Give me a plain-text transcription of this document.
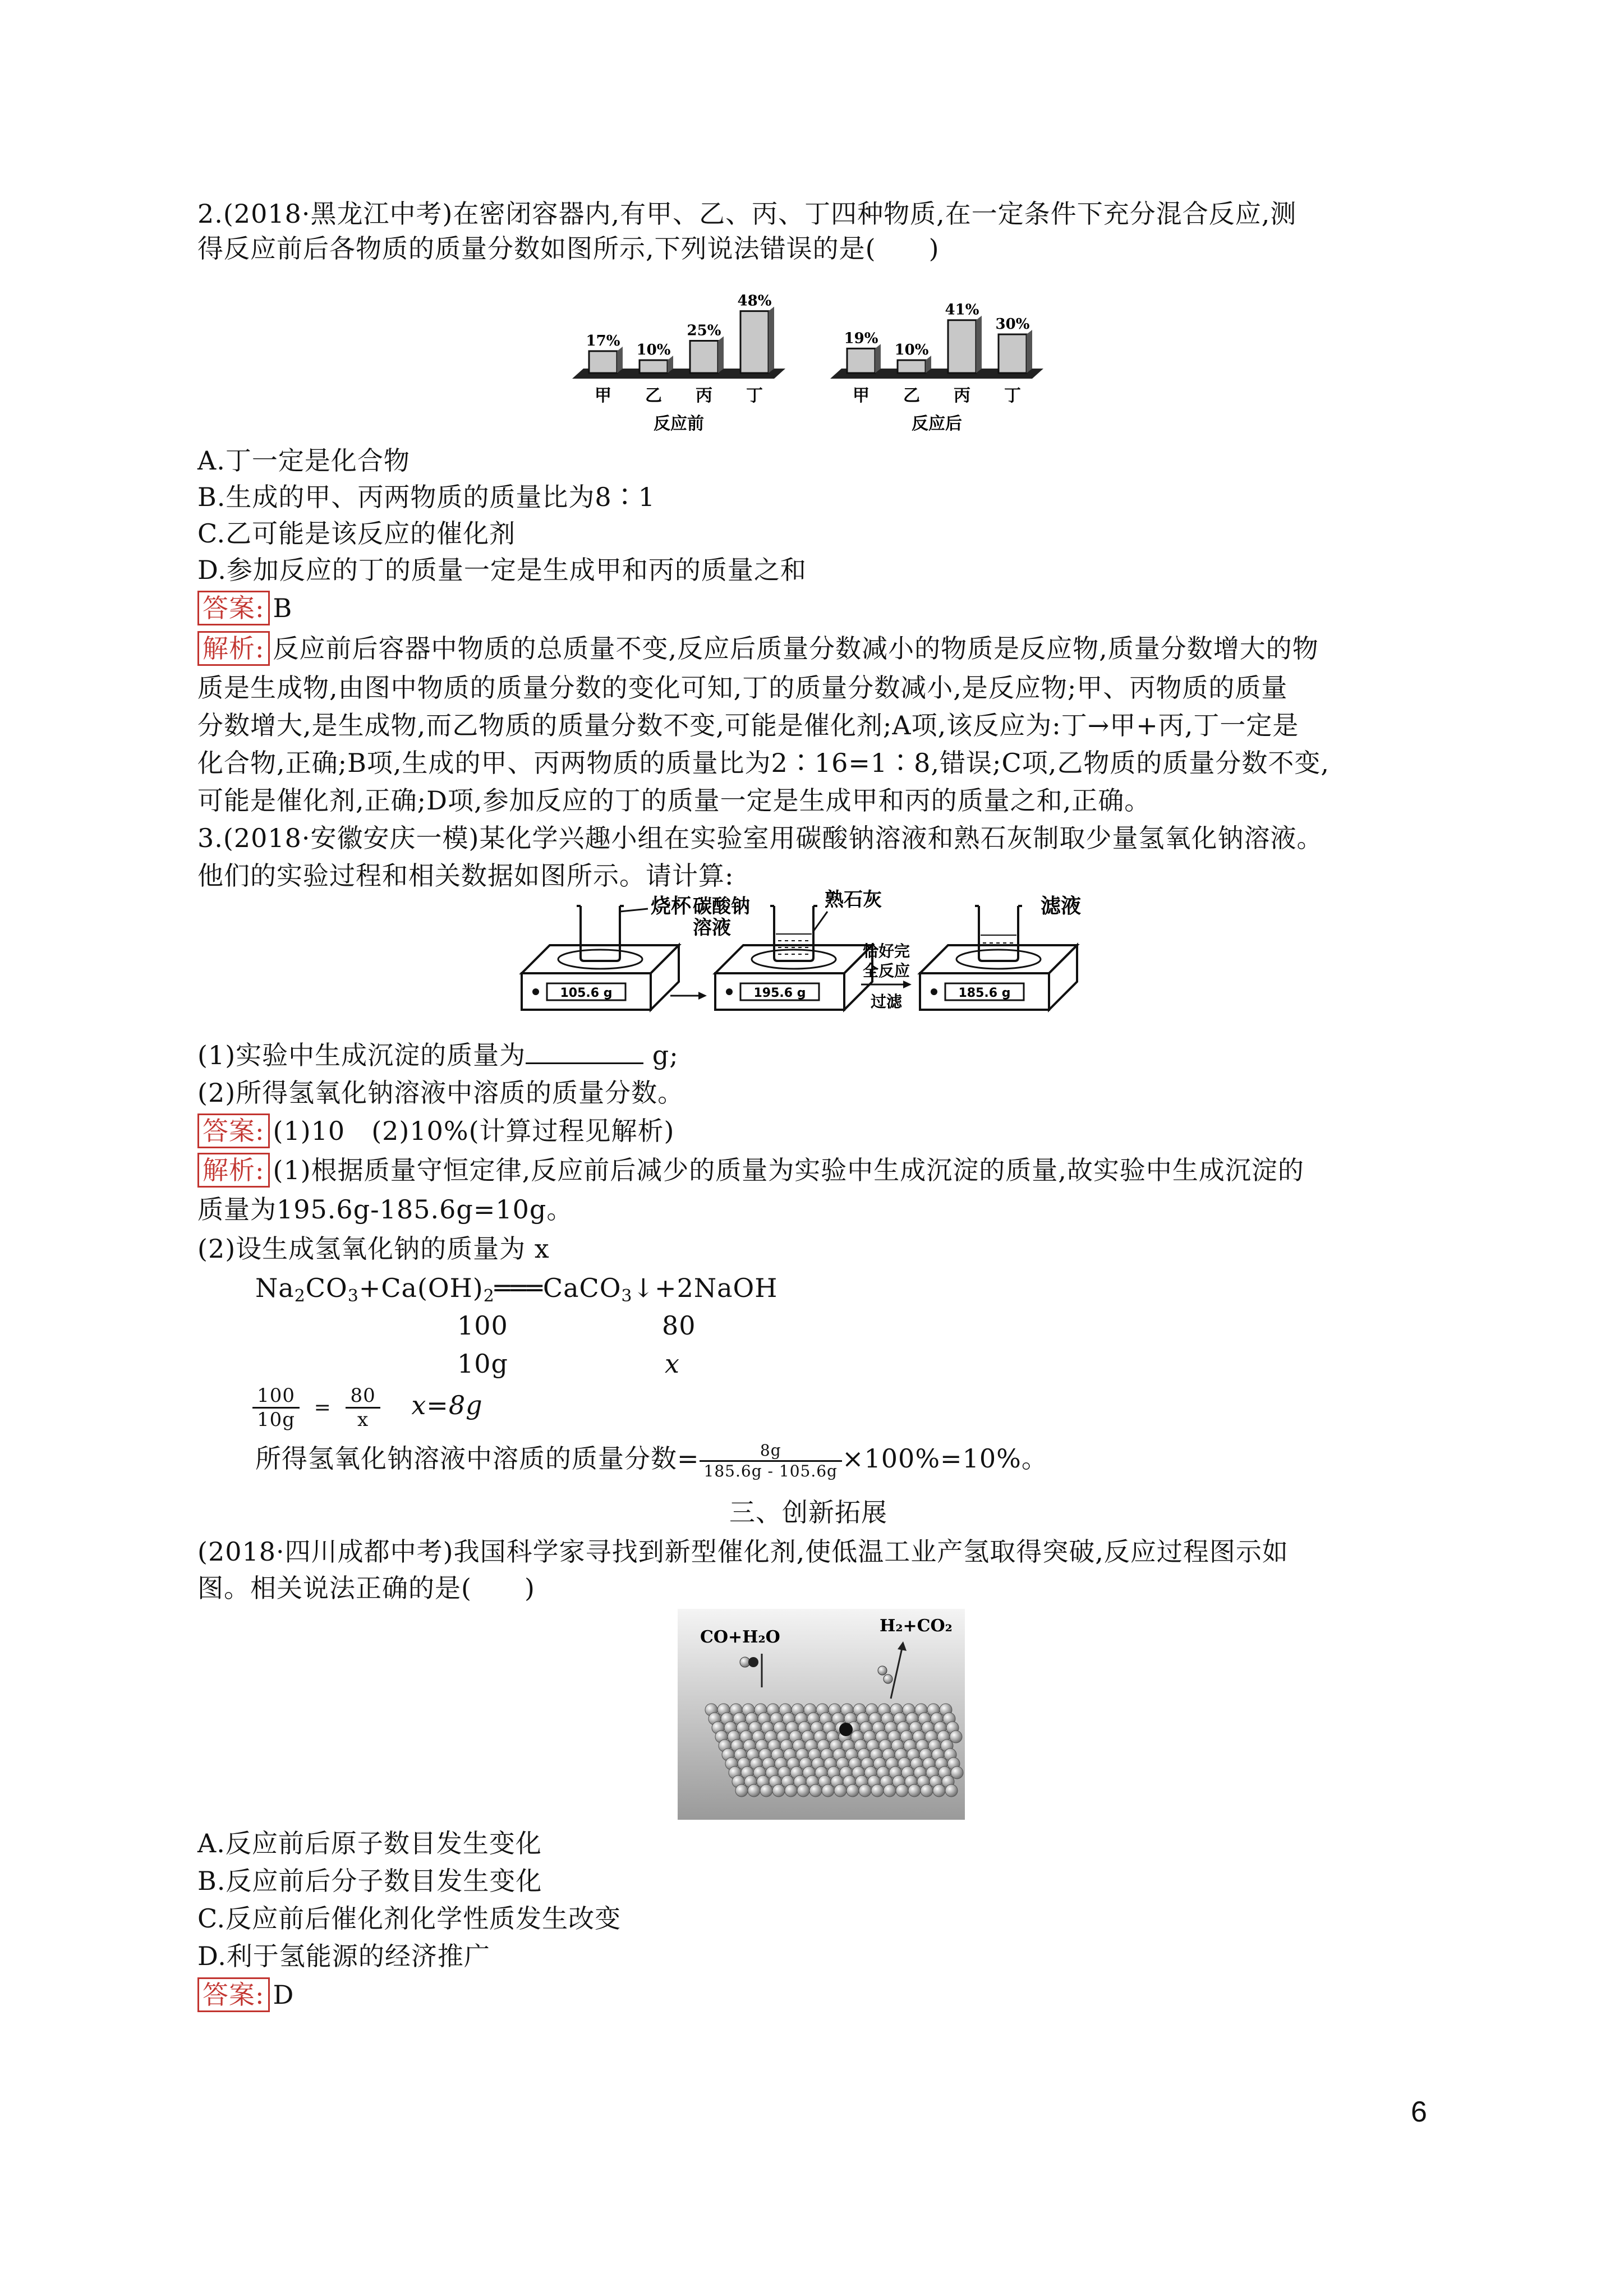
2.(2018·黑龙江中考)在密闭容器内,有甲、乙、丙、丁四种物质,在一定条件下充分混合反应,测
得反应前后各物质的质量分数如图所示,下列说法错误的是(　　)
17%
甲
10%
乙
25%
丙
48%
丁
反应前
19%
甲
10%
乙
41%
丙
30%
丁
反应后
A.丁一定是化合物
B.生成的甲、丙两物质的质量比为8∶1
C.乙可能是该反应的催化剂
D.参加反应的丁的质量一定是生成甲和丙的质量之和
答案: B
解析: 反应前后容器中物质的总质量不变,反应后质量分数减小的物质是反应物,质量分数增大的物
质是生成物,由图中物质的质量分数的变化可知,丁的质量分数减小,是反应物;甲、丙物质的质量
分数增大,是生成物,而乙物质的质量分数不变,可能是催化剂;A项,该反应为:丁→甲+丙,丁一定是
化合物,正确;B项,生成的甲、丙两物质的质量比为2∶16=1∶8,错误;C项,乙物质的质量分数不变,
可能是催化剂,正确;D项,参加反应的丁的质量一定是生成甲和丙的质量之和,正确。
3.(2018·安徽安庆一模)某化学兴趣小组在实验室用碳酸钠溶液和熟石灰制取少量氢氧化钠溶液。
他们的实验过程和相关数据如图所示。请计算:
烧杯
105.6 g
碳酸钠
溶液
熟石灰
195.6 g
恰好完
全反应
过滤
滤液
185.6 g
(1)实验中生成沉淀的质量为	g;
(2)所得氢氧化钠溶液中溶质的质量分数。
答案: (1)10　(2)10%(计算过程见解析)
解析: (1)根据质量守恒定律,反应前后减少的质量为实验中生成沉淀的质量,故实验中生成沉淀的
质量为195.6g-185.6g=10g。
(2)设生成氢氧化钠的质量为 x
$Na_2CO_3+Ca(OH)_2═══CaCO_3↓+2NaOH$
100	80
10g	x
$\frac{100}{10g} = \frac{80}{x} x=8g$
所得氢氧化钠溶液中溶质的质量分数= $\frac{8g}{185.6g - 105.6g} \times 100\%=10\%$。
三、创新拓展
(2018·四川成都中考)我国科学家寻找到新型催化剂,使低温工业产氢取得突破,反应过程图示如
图。相关说法正确的是(　　)
CO+H₂O
H₂+CO₂
A.反应前后原子数目发生变化
B.反应前后分子数目发生变化
C.反应前后催化剂化学性质发生改变
D.利于氢能源的经济推广
答案: D
6
